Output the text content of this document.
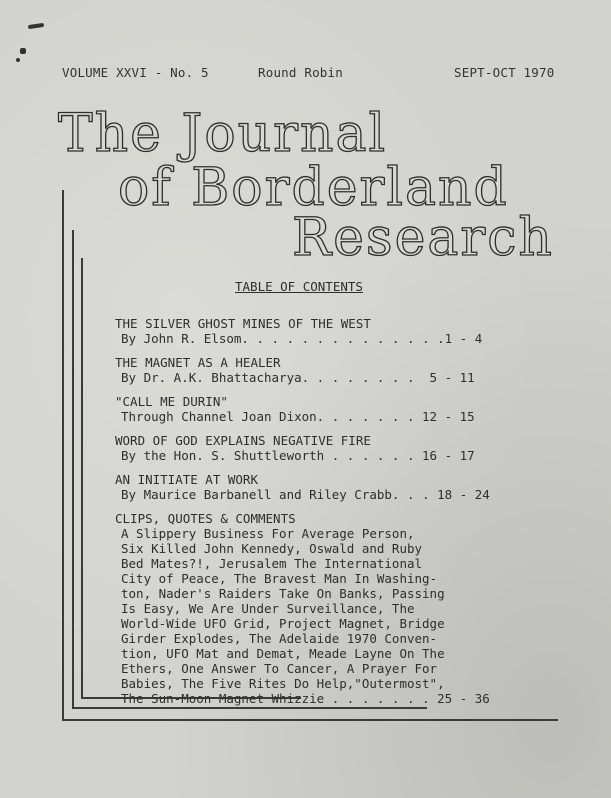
VOLUME XXVI - No. 5	Round Robin	SEPT-OCT 1970
The Journal
of Borderland
Research
TABLE OF CONTENTS
THE SILVER GHOST MINES OF THE WEST
By John R. Elsom. . . . . . . . . . . . . .1 - 4
THE MAGNET AS A HEALER
By Dr. A.K. Bhattacharya. . . . . . . .  5 - 11
"CALL ME DURIN"
Through Channel Joan Dixon. . . . . . . 12 - 15
WORD OF GOD EXPLAINS NEGATIVE FIRE
By the Hon. S. Shuttleworth . . . . . . 16 - 17
AN INITIATE AT WORK
By Maurice Barbanell and Riley Crabb. . . 18 - 24
CLIPS, QUOTES & COMMENTS
A Slippery Business For Average Person,
Six Killed John Kennedy, Oswald and Ruby
Bed Mates?!, Jerusalem The International
City of Peace, The Bravest Man In Washing-
ton, Nader's Raiders Take On Banks, Passing
Is Easy, We Are Under Surveillance, The
World-Wide UFO Grid, Project Magnet, Bridge
Girder Explodes, The Adelaide 1970 Conven-
tion, UFO Mat and Demat, Meade Layne On The
Ethers, One Answer To Cancer, A Prayer For
Babies, The Five Rites Do Help,"Outermost",
The Sun-Moon Magnet Whizzie . . . . . . . 25 - 36
